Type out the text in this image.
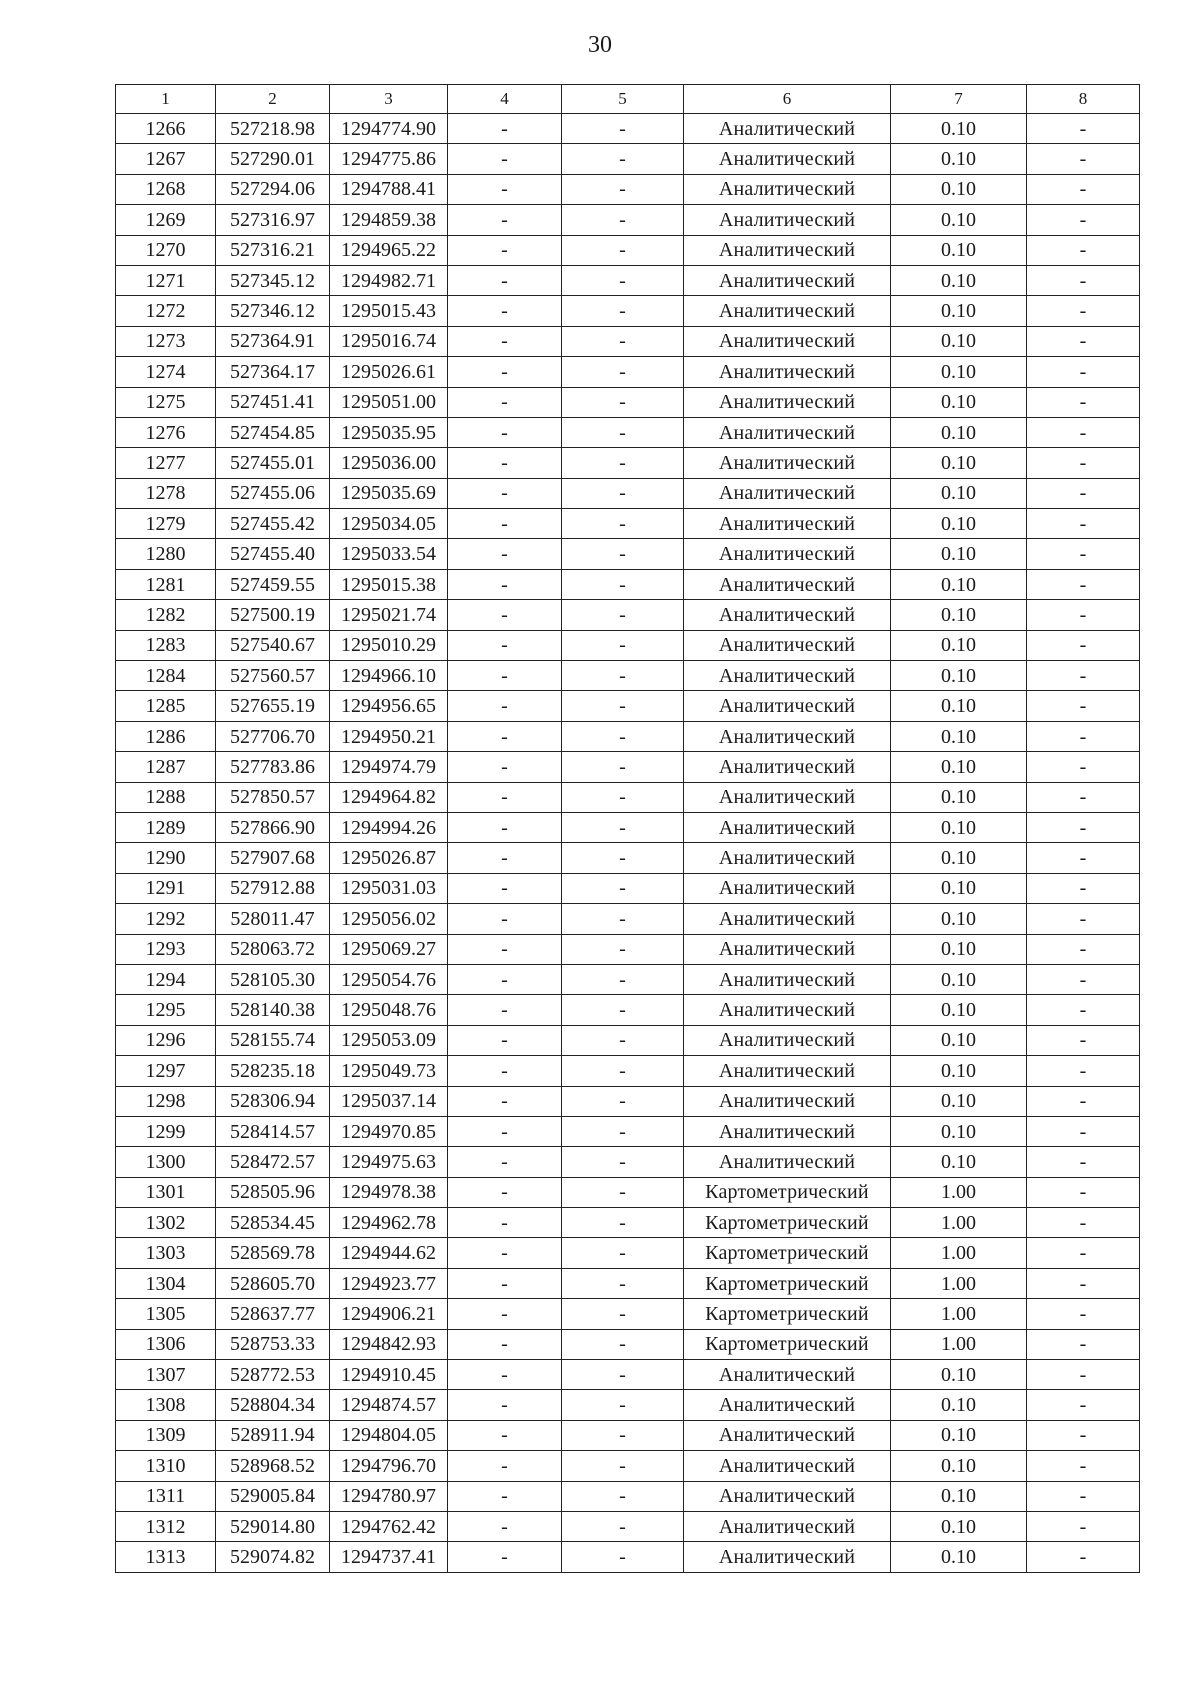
30
1	2	3	4	5	6	7	8
1266	527218.98	1294774.90	-	-	Аналитический	0.10	-
1267	527290.01	1294775.86	-	-	Аналитический	0.10	-
1268	527294.06	1294788.41	-	-	Аналитический	0.10	-
1269	527316.97	1294859.38	-	-	Аналитический	0.10	-
1270	527316.21	1294965.22	-	-	Аналитический	0.10	-
1271	527345.12	1294982.71	-	-	Аналитический	0.10	-
1272	527346.12	1295015.43	-	-	Аналитический	0.10	-
1273	527364.91	1295016.74	-	-	Аналитический	0.10	-
1274	527364.17	1295026.61	-	-	Аналитический	0.10	-
1275	527451.41	1295051.00	-	-	Аналитический	0.10	-
1276	527454.85	1295035.95	-	-	Аналитический	0.10	-
1277	527455.01	1295036.00	-	-	Аналитический	0.10	-
1278	527455.06	1295035.69	-	-	Аналитический	0.10	-
1279	527455.42	1295034.05	-	-	Аналитический	0.10	-
1280	527455.40	1295033.54	-	-	Аналитический	0.10	-
1281	527459.55	1295015.38	-	-	Аналитический	0.10	-
1282	527500.19	1295021.74	-	-	Аналитический	0.10	-
1283	527540.67	1295010.29	-	-	Аналитический	0.10	-
1284	527560.57	1294966.10	-	-	Аналитический	0.10	-
1285	527655.19	1294956.65	-	-	Аналитический	0.10	-
1286	527706.70	1294950.21	-	-	Аналитический	0.10	-
1287	527783.86	1294974.79	-	-	Аналитический	0.10	-
1288	527850.57	1294964.82	-	-	Аналитический	0.10	-
1289	527866.90	1294994.26	-	-	Аналитический	0.10	-
1290	527907.68	1295026.87	-	-	Аналитический	0.10	-
1291	527912.88	1295031.03	-	-	Аналитический	0.10	-
1292	528011.47	1295056.02	-	-	Аналитический	0.10	-
1293	528063.72	1295069.27	-	-	Аналитический	0.10	-
1294	528105.30	1295054.76	-	-	Аналитический	0.10	-
1295	528140.38	1295048.76	-	-	Аналитический	0.10	-
1296	528155.74	1295053.09	-	-	Аналитический	0.10	-
1297	528235.18	1295049.73	-	-	Аналитический	0.10	-
1298	528306.94	1295037.14	-	-	Аналитический	0.10	-
1299	528414.57	1294970.85	-	-	Аналитический	0.10	-
1300	528472.57	1294975.63	-	-	Аналитический	0.10	-
1301	528505.96	1294978.38	-	-	Картометрический	1.00	-
1302	528534.45	1294962.78	-	-	Картометрический	1.00	-
1303	528569.78	1294944.62	-	-	Картометрический	1.00	-
1304	528605.70	1294923.77	-	-	Картометрический	1.00	-
1305	528637.77	1294906.21	-	-	Картометрический	1.00	-
1306	528753.33	1294842.93	-	-	Картометрический	1.00	-
1307	528772.53	1294910.45	-	-	Аналитический	0.10	-
1308	528804.34	1294874.57	-	-	Аналитический	0.10	-
1309	528911.94	1294804.05	-	-	Аналитический	0.10	-
1310	528968.52	1294796.70	-	-	Аналитический	0.10	-
1311	529005.84	1294780.97	-	-	Аналитический	0.10	-
1312	529014.80	1294762.42	-	-	Аналитический	0.10	-
1313	529074.82	1294737.41	-	-	Аналитический	0.10	-
